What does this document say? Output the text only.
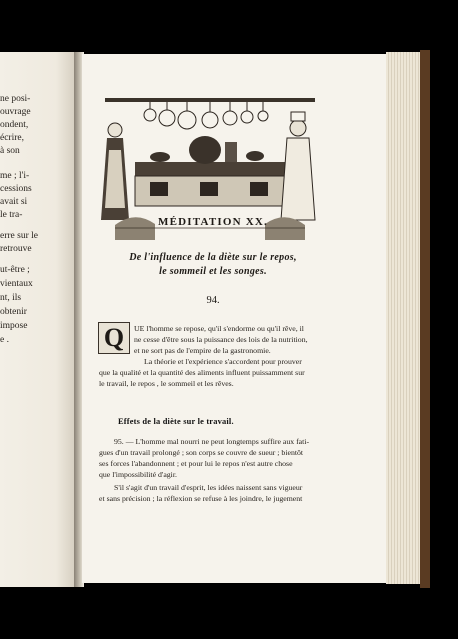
ne posi-
ouvrage
ondent,
écrire,
à son
me ; l'i-
cessions
avait si
le tra-
erre sur le
retrouve
ut-être ;
vientaux
nt, ils
obtenir
impose
e .
MÉDITATION XX.
De l'influence de la diète sur le repos,
le sommeil et les songes.
94.
Q	UE l'homme se repose, qu'il s'endorme ou qu'il rêve, il
ne cesse d'être sous la puissance des lois de la nutrition,
et ne sort pas de l'empire de la gastronomie.
La théorie et l'expérience s'accordent pour prouver
que la qualité et la quantité des aliments influent puissamment sur
le travail, le repos , le sommeil et les rêves.
Effets de la diète sur le travail.
95. — L'homme mal nourri ne peut longtemps suffire aux fati-
gues d'un travail prolongé ; son corps se couvre de sueur ; bientôt
ses forces l'abandonnent ; et pour lui le repos n'est autre chose
que l'impossibilité d'agir.
S'il s'agit d'un travail d'esprit, les idées naissent sans vigueur
et sans précision ; la réflexion se refuse à les joindre, le jugement
